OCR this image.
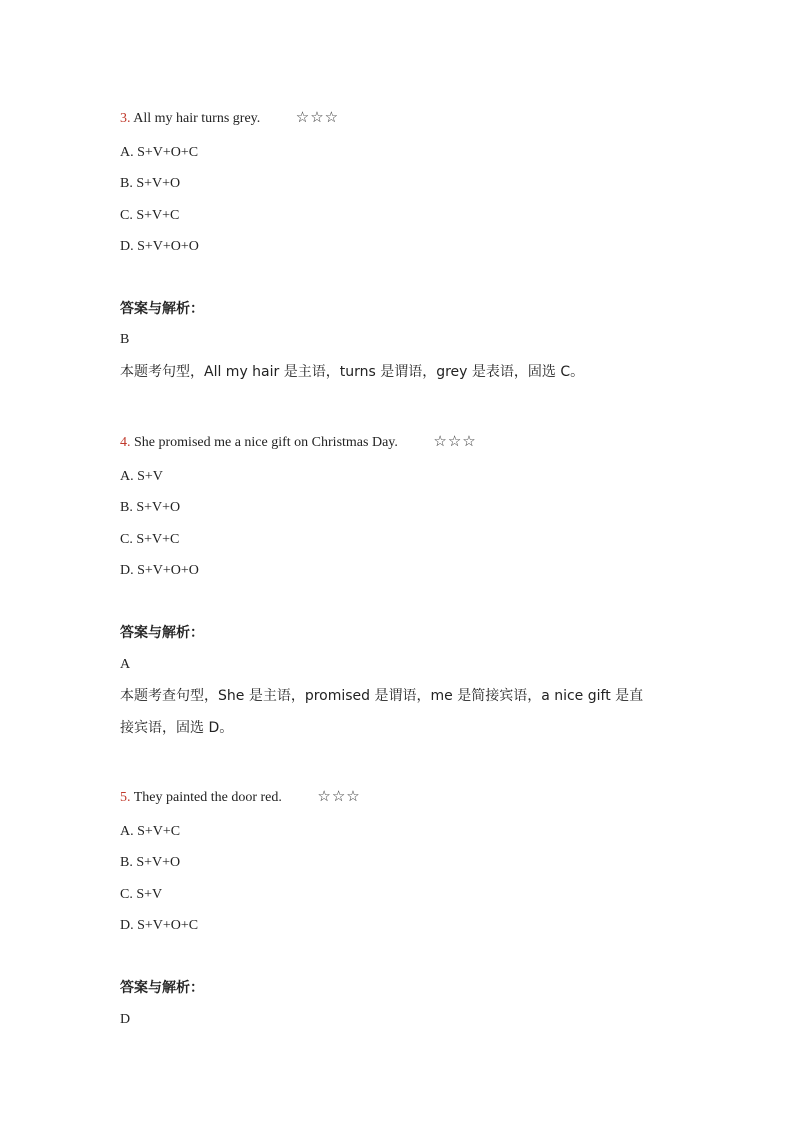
3. All my hair turns grey. ☆☆☆
A. S+V+O+C
B. S+V+O
C. S+V+C
D. S+V+O+O
答案与解析：
B
本题考句型，All my hair 是主语，turns 是谓语，grey 是表语，固选 C。
4. She promised me a nice gift on Christmas Day. ☆☆☆
A. S+V
B. S+V+O
C. S+V+C
D. S+V+O+O
答案与解析：
A
本题考查句型，She 是主语，promised 是谓语，me 是简接宾语，a nice gift 是直
接宾语，固选 D。
5. They painted the door red. ☆☆☆
A. S+V+C
B. S+V+O
C. S+V
D. S+V+O+C
答案与解析：
D
